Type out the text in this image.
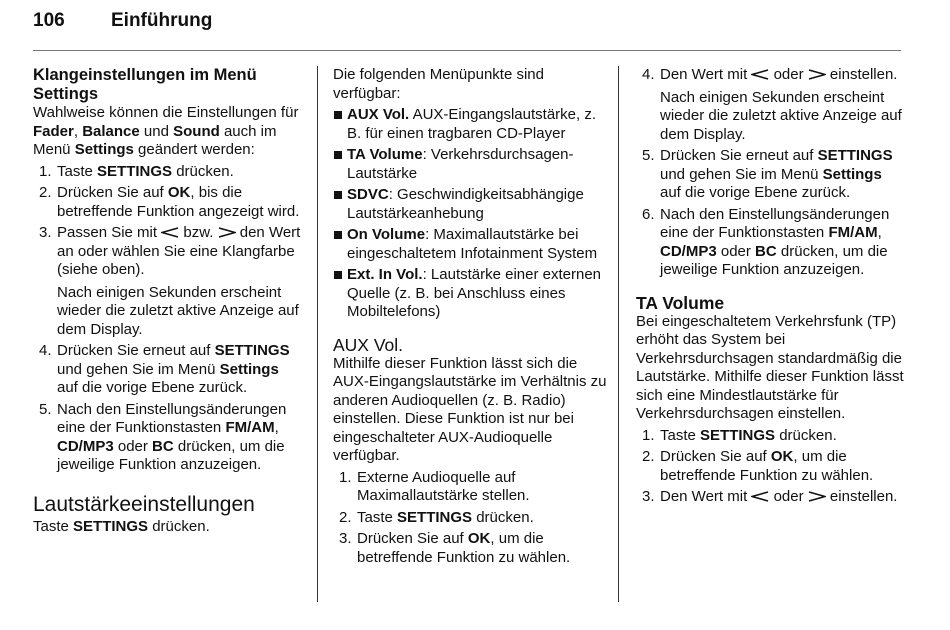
106 Einführung
Klangeinstellungen im Menü Settings

Wahlweise können die Einstellungen für Fader, Balance und Sound auch im Menü Settings geändert werden:

1. Taste SETTINGS drücken.
2. Drücken Sie auf OK, bis die betreffende Funktion angezeigt wird.
3. Passen Sie mit
bzw.
den Wert an oder wählen Sie eine Klangfarbe (siehe oben).

Nach einigen Sekunden erscheint wieder die zuletzt aktive Anzeige auf dem Display.

4. Drücken Sie erneut auf SETTINGS und gehen Sie im Menü Settings auf die vorige Ebene zurück.
5. Nach den Einstellungsänderungen eine der Funktionstasten FM/AM, CD/MP3 oder BC drücken, um die jeweilige Funktion anzuzeigen.
Lautstärkeeinstellungen

Taste SETTINGS drücken.

Die folgenden Menüpunkte sind verfügbar:

AUX Vol. AUX-Eingangslautstärke, z. B. für einen tragbaren CD-Player
TA Volume: Verkehrsdurchsagen-Lautstärke
SDVC: Geschwindigkeitsabhängige Lautstärkeanhebung
On Volume: Maximallautstärke bei eingeschaltetem Infotainment System
Ext. In Vol.: Lautstärke einer externen Quelle (z. B. bei Anschluss eines Mobiltelefons)
AUX Vol.

Mithilfe dieser Funktion lässt sich die AUX-Eingangslautstärke im Verhältnis zu anderen Audioquellen (z. B. Radio) einstellen. Diese Funktion ist nur bei eingeschalteter AUX-Audioquelle verfügbar.

1. Externe Audioquelle auf Maximallautstärke stellen.
2. Taste SETTINGS drücken.
3. Drücken Sie auf OK, um die betreffende Funktion zu wählen.
4. Den Wert mit
oder
einstellen.

Nach einigen Sekunden erscheint wieder die zuletzt aktive Anzeige auf dem Display.

5. Drücken Sie erneut auf SETTINGS und gehen Sie im Menü Settings auf die vorige Ebene zurück.
6. Nach den Einstellungsänderungen eine der Funktionstasten FM/AM, CD/MP3 oder BC drücken, um die jeweilige Funktion anzuzeigen.
TA Volume

Bei eingeschaltetem Verkehrsfunk (TP) erhöht das System bei Verkehrsdurchsagen standardmäßig die Lautstärke. Mithilfe dieser Funktion lässt sich eine Mindestlautstärke für Verkehrsdurchsagen einstellen.

1. Taste SETTINGS drücken.
2. Drücken Sie auf OK, um die betreffende Funktion zu wählen.
3. Den Wert mit
oder
einstellen.
